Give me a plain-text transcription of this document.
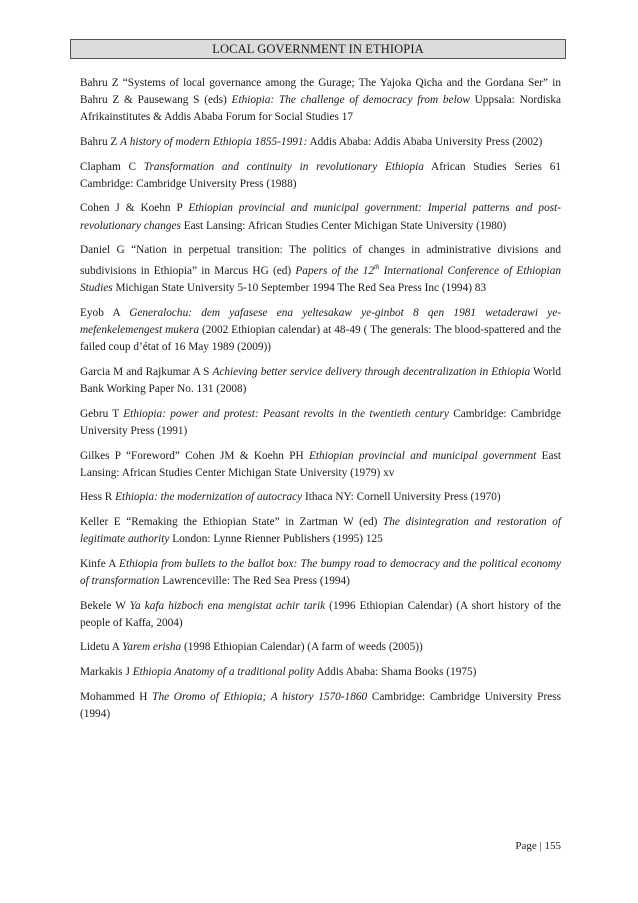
LOCAL GOVERNMENT IN ETHIOPIA

Bahru Z “Systems of local governance among the Gurage; The Yajoka Qicha and the Gordana Ser” in Bahru Z & Pausewang S (eds) Ethiopia: The challenge of democracy from below Uppsala: Nordiska Afrikainstitutes & Addis Ababa Forum for Social Studies 17

Bahru Z A history of modern Ethiopia 1855-1991: Addis Ababa: Addis Ababa University Press (2002)

Clapham C Transformation and continuity in revolutionary Ethiopia African Studies Series 61 Cambridge: Cambridge University Press (1988)

Cohen J & Koehn P Ethiopian provincial and municipal government: Imperial patterns and post-revolutionary changes East Lansing: African Studies Center Michigan State University (1980)

Daniel G “Nation in perpetual transition: The politics of changes in administrative divisions and subdivisions in Ethiopia” in Marcus HG (ed) Papers of the 12th International Conference of Ethiopian Studies Michigan State University 5-10 September 1994 The Red Sea Press Inc (1994) 83

Eyob A Generalochu: dem yafasese ena yeltesakaw ye-ginbot 8 qen 1981 wetaderawi ye-mefenkelemengest mukera (2002 Ethiopian calendar) at 48-49 ( The generals: The blood-spattered and the failed coup d’état of 16 May 1989 (2009))

Garcia M and Rajkumar A S Achieving better service delivery through decentralization in Ethiopia World Bank Working Paper No. 131 (2008)

Gebru T Ethiopia: power and protest: Peasant revolts in the twentieth century Cambridge: Cambridge University Press (1991)

Gilkes P “Foreword” Cohen JM & Koehn PH Ethiopian provincial and municipal government East Lansing: African Studies Center Michigan State University (1979) xv

Hess R Ethiopia: the modernization of autocracy Ithaca NY: Cornell University Press (1970)

Keller E “Remaking the Ethiopian State” in Zartman W (ed) The disintegration and restoration of legitimate authority London: Lynne Rienner Publishers (1995) 125

Kinfe A Ethiopia from bullets to the ballot box: The bumpy road to democracy and the political economy of transformation Lawrenceville: The Red Sea Press (1994)

Bekele W Ya kafa hizboch ena mengistat achir tarik (1996 Ethiopian Calendar) (A short history of the people of Kaffa, 2004)

Lidetu A Yarem erisha (1998 Ethiopian Calendar) (A farm of weeds (2005))

Markakis J Ethiopia Anatomy of a traditional polity Addis Ababa: Shama Books (1975)

Mohammed H The Oromo of Ethiopia; A history 1570-1860 Cambridge: Cambridge University Press (1994)

Page | 155
